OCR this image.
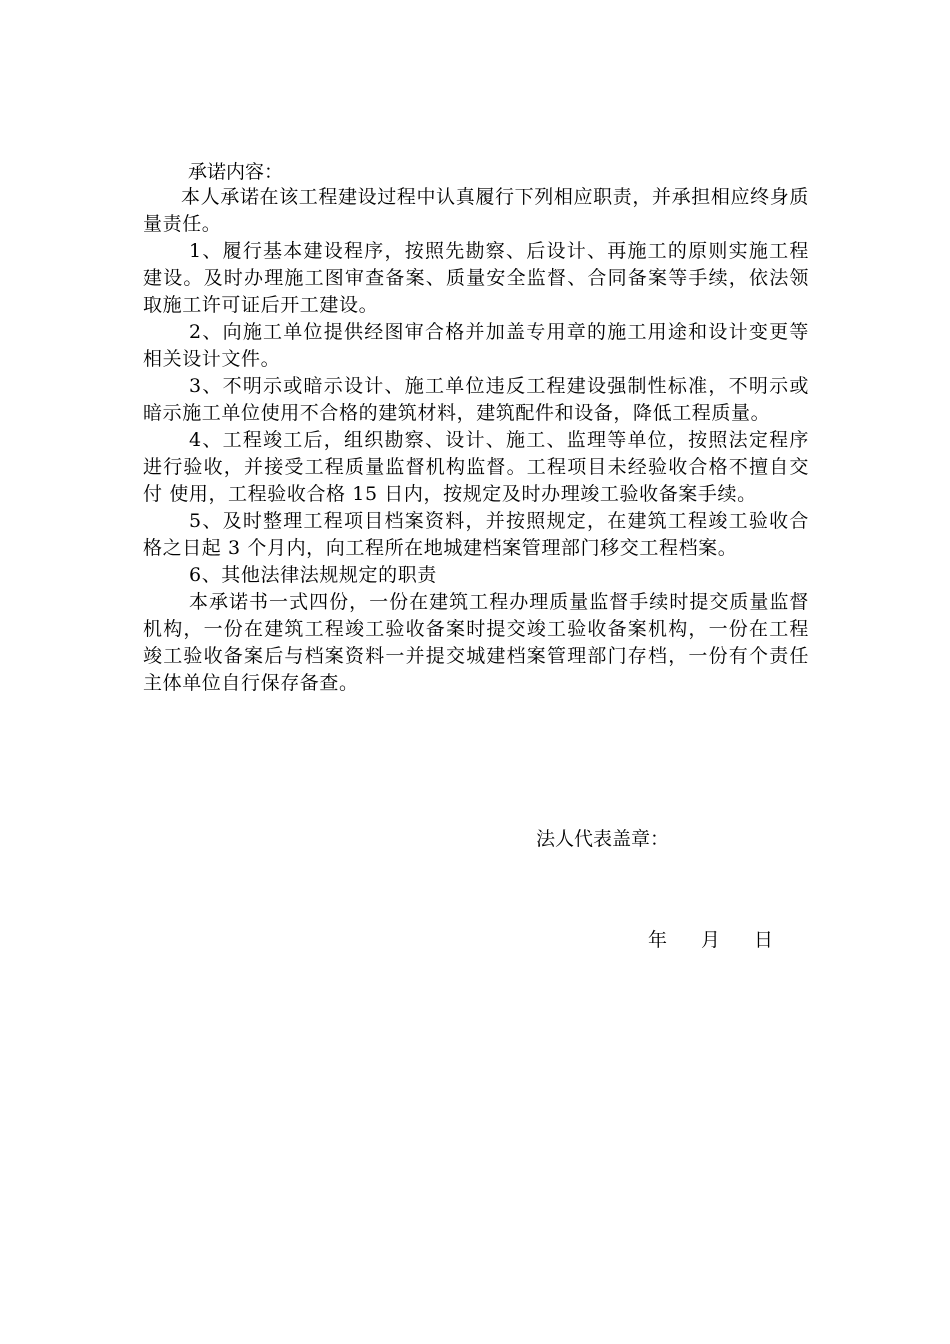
承诺内容：

本人承诺在该工程建设过程中认真履行下列相应职责，并承担相应终身质量责任。

1、履行基本建设程序，按照先勘察、后设计、再施工的原则实施工程建设。及时办理施工图审查备案、质量安全监督、合同备案等手续，依法领取施工许可证后开工建设。

2、向施工单位提供经图审合格并加盖专用章的施工用途和设计变更等相关设计文件。

3、不明示或暗示设计、施工单位违反工程建设强制性标准，不明示或暗示施工单位使用不合格的建筑材料，建筑配件和设备，降低工程质量。

4、工程竣工后，组织勘察、设计、施工、监理等单位，按照法定程序进行验收，并接受工程质量监督机构监督。工程项目未经验收合格不擅自交付 使用，工程验收合格 15 日内，按规定及时办理竣工验收备案手续。

5、及时整理工程项目档案资料，并按照规定，在建筑工程竣工验收合格之日起 3 个月内，向工程所在地城建档案管理部门移交工程档案。

6、其他法律法规规定的职责

本承诺书一式四份，一份在建筑工程办理质量监督手续时提交质量监督机构，一份在建筑工程竣工验收备案时提交竣工验收备案机构，一份在工程竣工验收备案后与档案资料一并提交城建档案管理部门存档，一份有个责任主体单位自行保存备查。

法人代表盖章：
年 月 日
